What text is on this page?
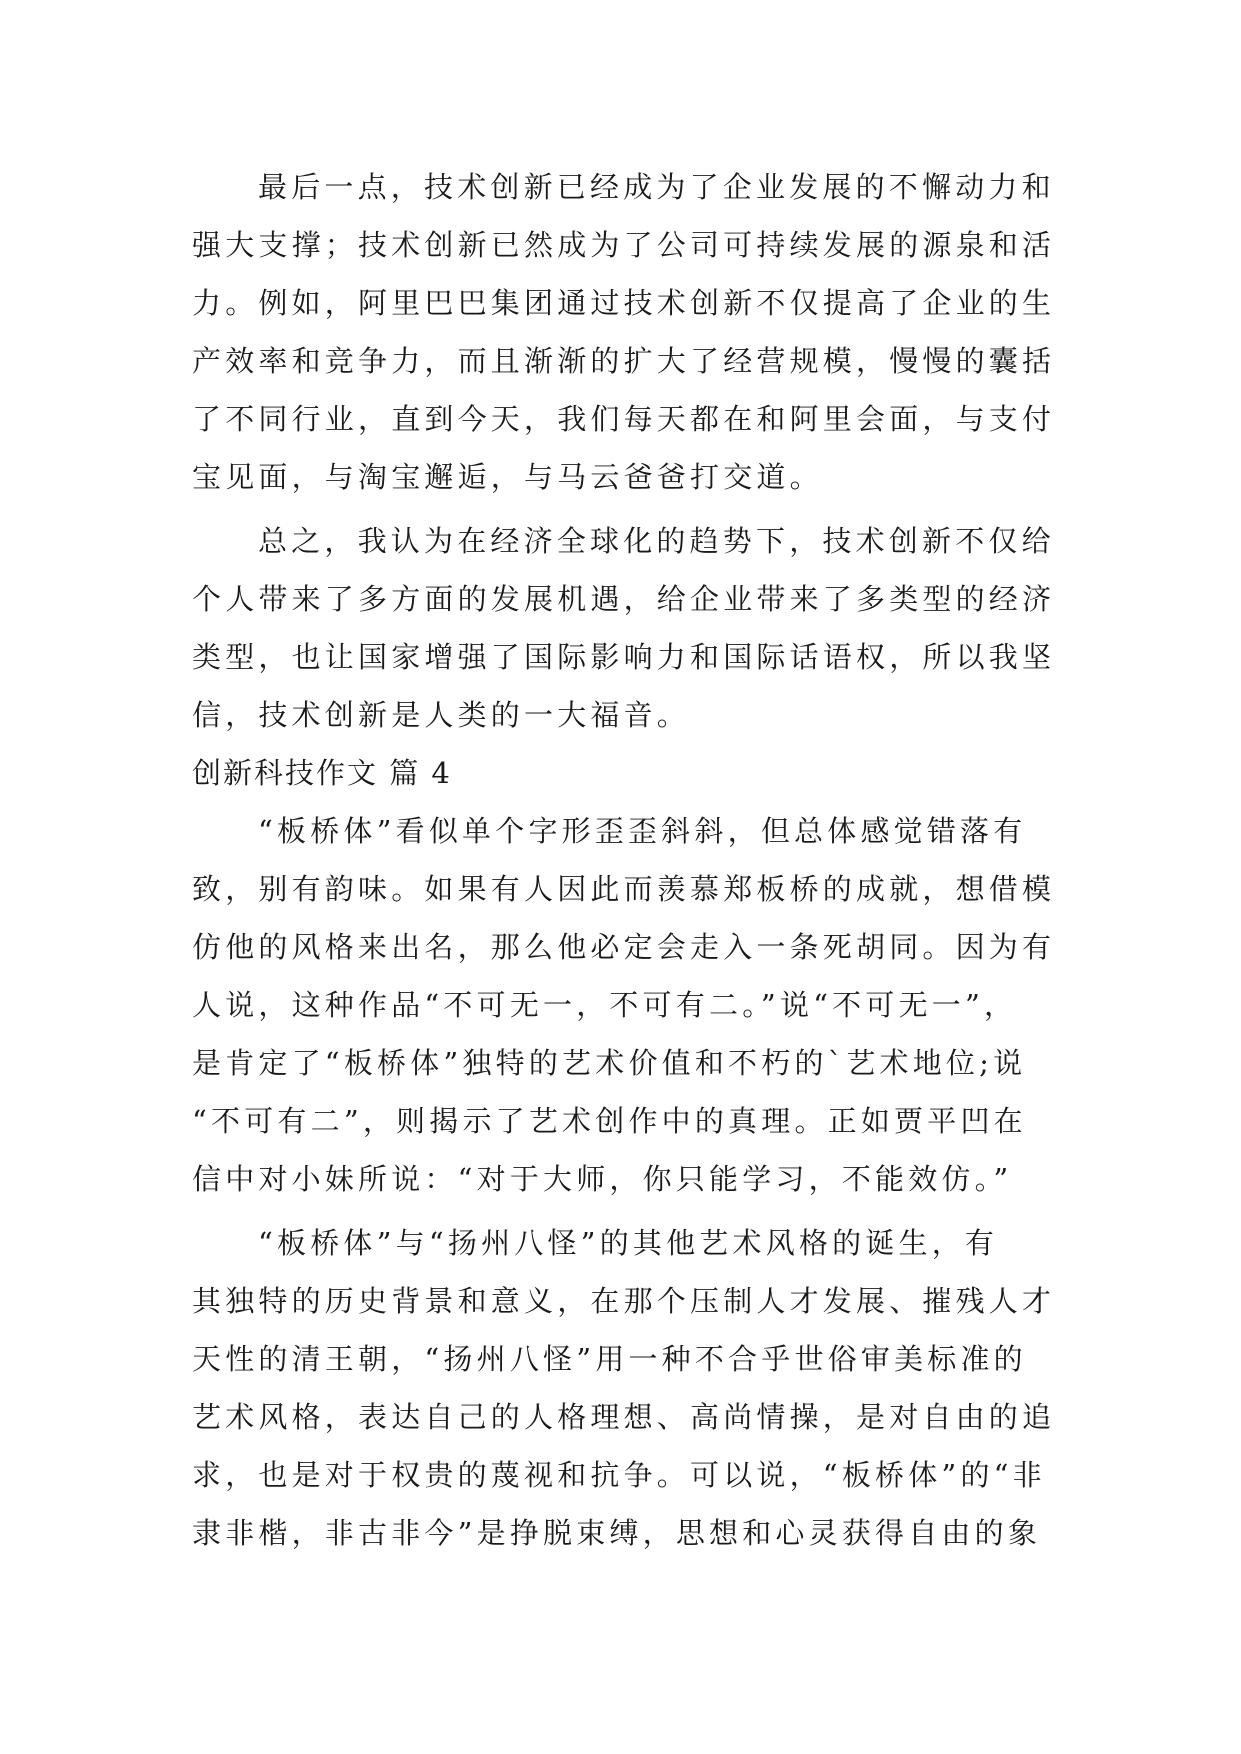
最后一点，技术创新已经成为了企业发展的不懈动力和
强大支撑；技术创新已然成为了公司可持续发展的源泉和活
力。例如，阿里巴巴集团通过技术创新不仅提高了企业的生
产效率和竞争力，而且渐渐的扩大了经营规模，慢慢的囊括
了不同行业，直到今天，我们每天都在和阿里会面，与支付
宝见面，与淘宝邂逅，与马云爸爸打交道。
总之，我认为在经济全球化的趋势下，技术创新不仅给
个人带来了多方面的发展机遇，给企业带来了多类型的经济
类型，也让国家增强了国际影响力和国际话语权，所以我坚
信，技术创新是人类的一大福音。
创新科技作文 篇 4
“板桥体”看似单个字形歪歪斜斜，但总体感觉错落有
致，别有韵味。如果有人因此而羡慕郑板桥的成就，想借模
仿他的风格来出名，那么他必定会走入一条死胡同。因为有
人说，这种作品“不可无一，不可有二。”说“不可无一”，
是肯定了“板桥体”独特的艺术价值和不朽的`艺术地位;说
“不可有二”，则揭示了艺术创作中的真理。正如贾平凹在
信中对小妹所说：“对于大师，你只能学习，不能效仿。”
“板桥体”与“扬州八怪”的其他艺术风格的诞生，有
其独特的历史背景和意义，在那个压制人才发展、摧残人才
天性的清王朝，“扬州八怪”用一种不合乎世俗审美标准的
艺术风格，表达自己的人格理想、高尚情操，是对自由的追
求，也是对于权贵的蔑视和抗争。可以说，“板桥体”的“非
隶非楷，非古非今”是挣脱束缚，思想和心灵获得自由的象
